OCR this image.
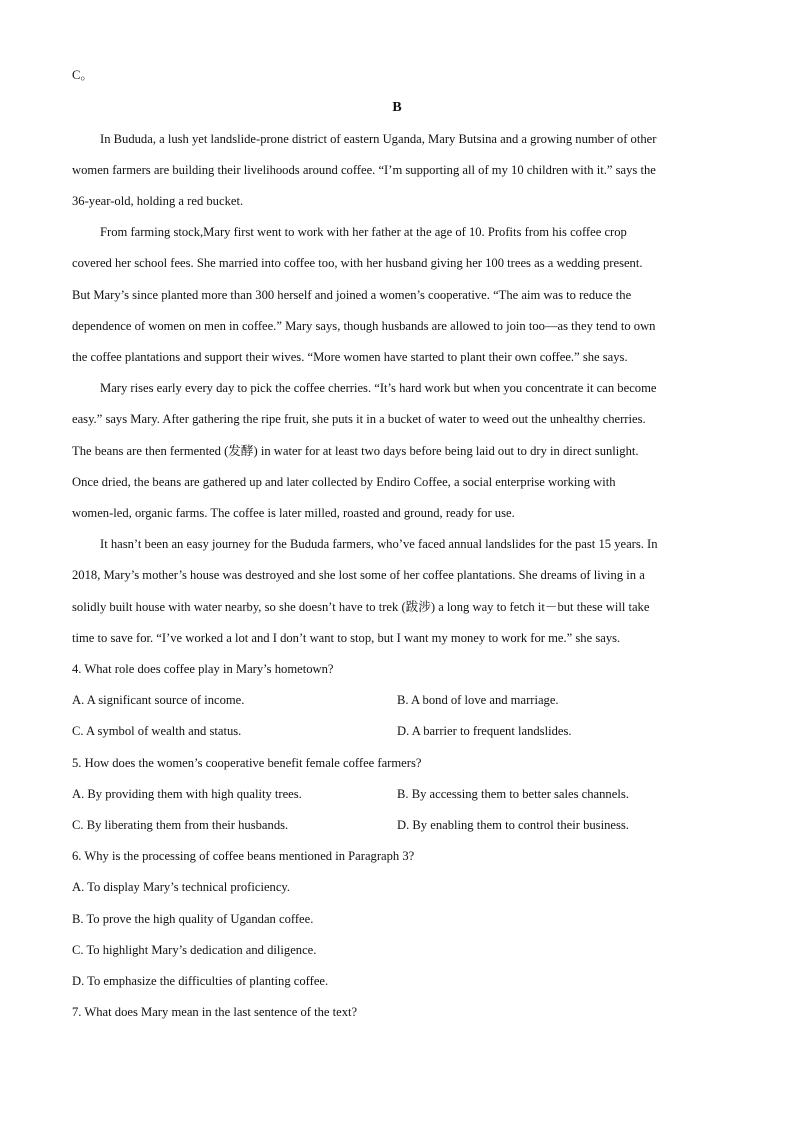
C。
B
In Bududa, a lush yet landslide-prone district of eastern Uganda, Mary Butsina and a growing number of other
women farmers are building their livelihoods around coffee. “I’m supporting all of my 10 children with it.” says the
36-year-old, holding a red bucket.
From farming stock,Mary first went to work with her father at the age of 10. Profits from his coffee crop
covered her school fees. She married into coffee too, with her husband giving her 100 trees as a wedding present.
But Mary’s since planted more than 300 herself and joined a women’s cooperative. “The aim was to reduce the
dependence of women on men in coffee.” Mary says, though husbands are allowed to join too—as they tend to own
the coffee plantations and support their wives. “More women have started to plant their own coffee.” she says.
Mary rises early every day to pick the coffee cherries. “It’s hard work but when you concentrate it can become
easy.” says Mary. After gathering the ripe fruit, she puts it in a bucket of water to weed out the unhealthy cherries.
The beans are then fermented (发酵) in water for at least two days before being laid out to dry in direct sunlight.
Once dried, the beans are gathered up and later collected by Endiro Coffee, a social enterprise working with
women-led, organic farms. The coffee is later milled, roasted and ground, ready for use.
It hasn’t been an easy journey for the Bududa farmers, who’ve faced annual landslides for the past 15 years. In
2018, Mary’s mother’s house was destroyed and she lost some of her coffee plantations. She dreams of living in a
solidly built house with water nearby, so she doesn’t have to trek (跋涉) a long way to fetch it－but these will take
time to save for. “I’ve worked a lot and I don’t want to stop, but I want my money to work for me.” she says.
4. What role does coffee play in Mary’s hometown?
A. A significant source of income.	B. A bond of love and marriage.
C. A symbol of wealth and status.	D. A barrier to frequent landslides.
5. How does the women’s cooperative benefit female coffee farmers?
A. By providing them with high quality trees.	B. By accessing them to better sales channels.
C. By liberating them from their husbands.	D. By enabling them to control their business.
6. Why is the processing of coffee beans mentioned in Paragraph 3?
A. To display Mary’s technical proficiency.
B. To prove the high quality of Ugandan coffee.
C. To highlight Mary’s dedication and diligence.
D. To emphasize the difficulties of planting coffee.
7. What does Mary mean in the last sentence of the text?
